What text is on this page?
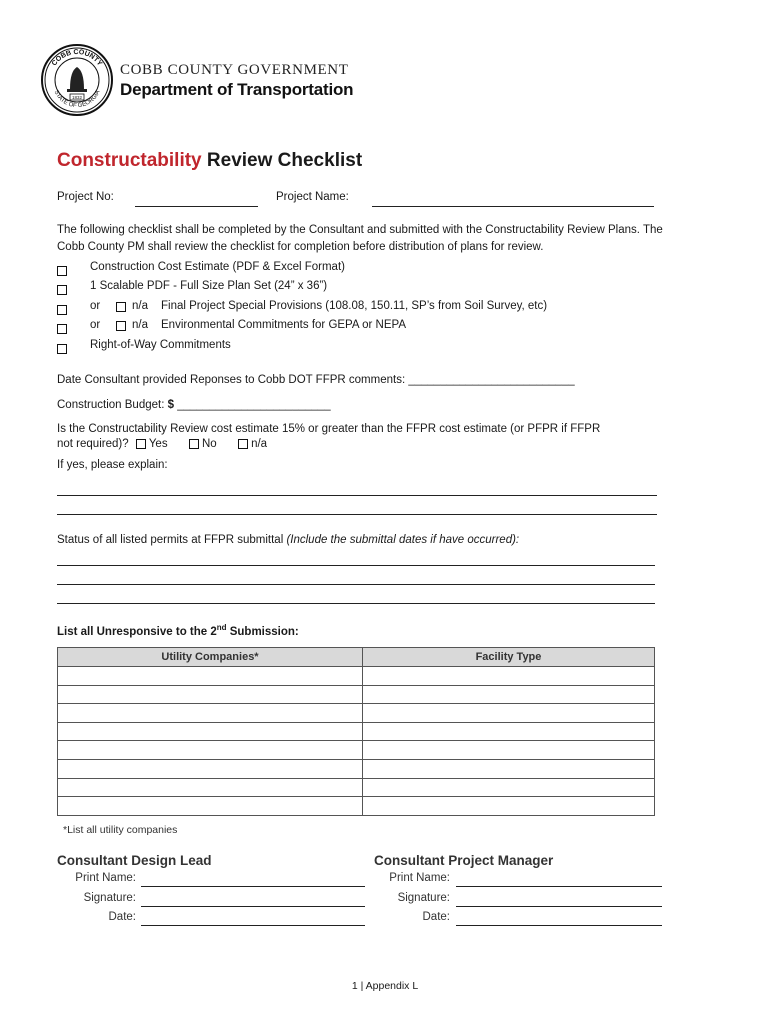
COBB COUNTY
STATE OF GEORGIA
1832
COBB COUNTY GOVERNMENT
Department of Transportation
Constructability Review Checklist
Project No:	Project Name:
The following checklist shall be completed by the Consultant and submitted with the Constructability Review Plans. The Cobb County PM shall review the checklist for completion before distribution of plans for review.
Construction Cost Estimate (PDF & Excel Format)
1 Scalable PDF - Full Size Plan Set (24” x 36”)
or	n/a Final Project Special Provisions (108.08, 150.11, SP’s from Soil Survey, etc)
or	n/a Environmental Commitments for GEPA or NEPA
Right-of-Way Commitments
Date Consultant provided Reponses to Cobb DOT FFPR comments: __________________________
Construction Budget: $ ________________________
Is the Constructability Review cost estimate 15% or greater than the FFPR cost estimate (or PFPR if FFPR
not required)? Yes	No	n/a
If yes, please explain:
Status of all listed permits at FFPR submittal (Include the submittal dates if have occurred):
List all Unresponsive to the 2nd Submission:
Utility Companies*	Facility Type

*List all utility companies
Consultant Design Lead	Consultant Project Manager
Print Name:
Signature:
Date:
Print Name:
Signature:
Date:
1 | Appendix L
